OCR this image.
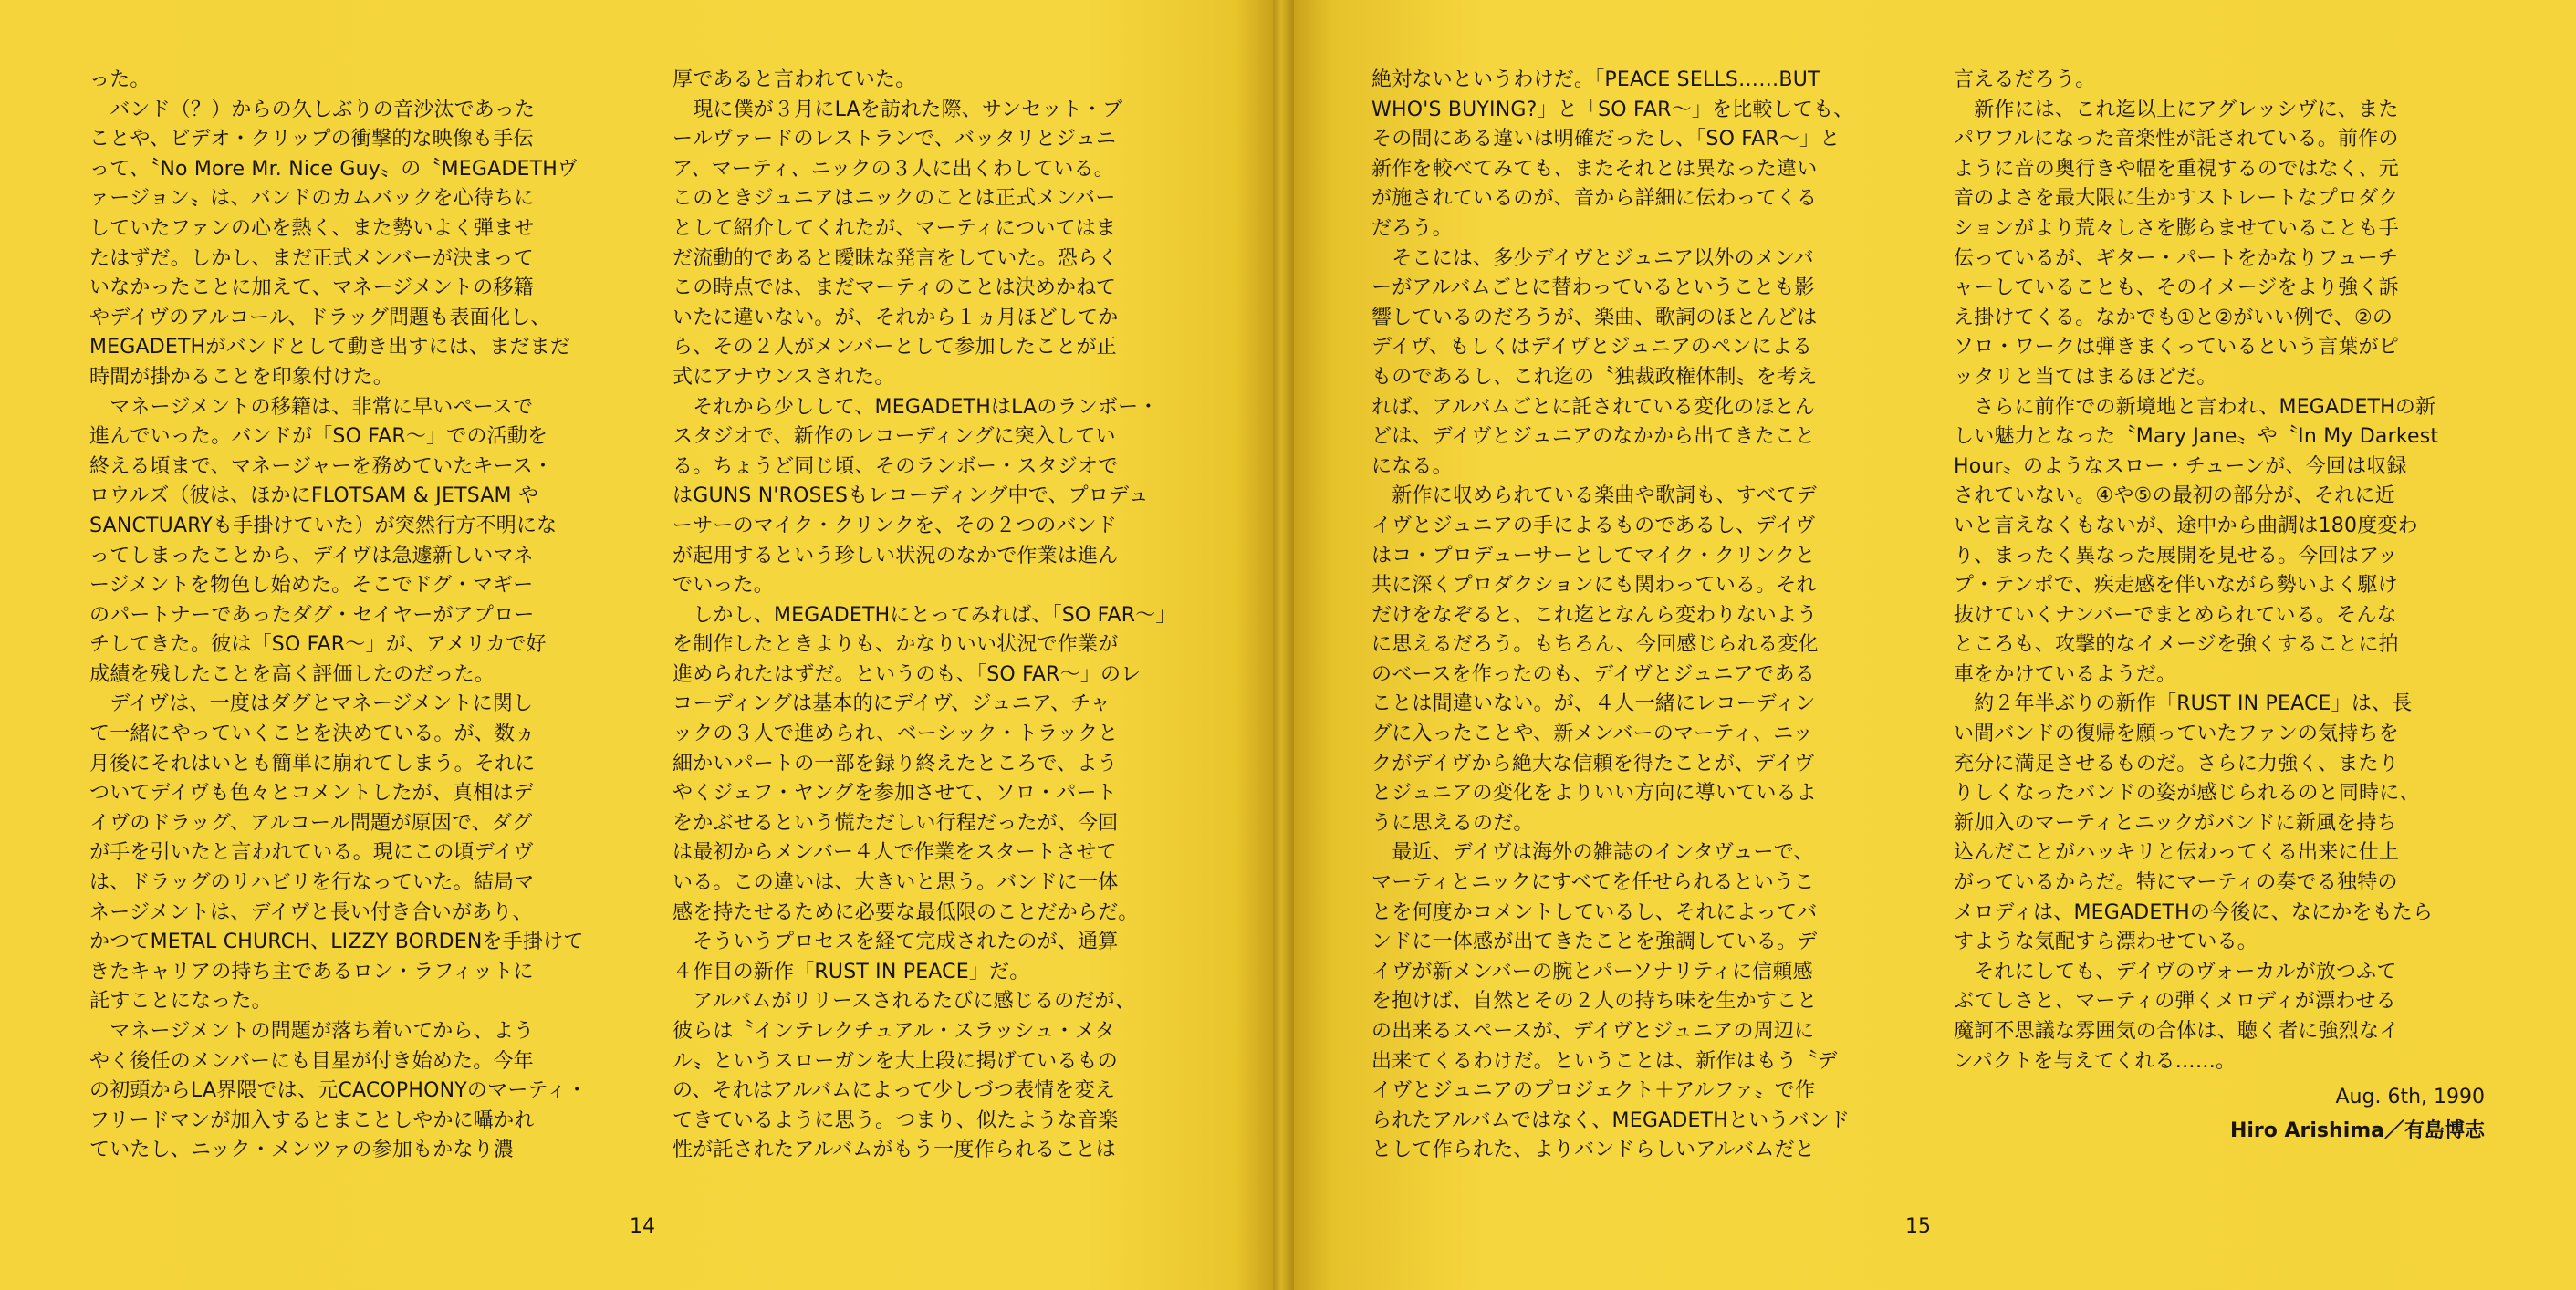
った。
　バンド（？）からの久しぶりの音沙汰であった
ことや、ビデオ・クリップの衝撃的な映像も手伝
って、〝No More Mr. Nice Guy〟の〝MEGADETHヴ
ァージョン〟は、バンドのカムバックを心待ちに
していたファンの心を熱く、また勢いよく弾ませ
たはずだ。しかし、まだ正式メンバーが決まって
いなかったことに加えて、マネージメントの移籍
やデイヴのアルコール、ドラッグ問題も表面化し、
MEGADETHがバンドとして動き出すには、まだまだ
時間が掛かることを印象付けた。
　マネージメントの移籍は、非常に早いペースで
進んでいった。バンドが「SO FAR～」での活動を
終える頃まで、マネージャーを務めていたキース・
ロウルズ（彼は、ほかにFLOTSAM & JETSAM や
SANCTUARYも手掛けていた）が突然行方不明にな
ってしまったことから、デイヴは急遽新しいマネ
ージメントを物色し始めた。そこでドグ・マギー
のパートナーであったダグ・セイヤーがアプロー
チしてきた。彼は「SO FAR～」が、アメリカで好
成績を残したことを高く評価したのだった。
　デイヴは、一度はダグとマネージメントに関し
て一緒にやっていくことを決めている。が、数ヵ
月後にそれはいとも簡単に崩れてしまう。それに
ついてデイヴも色々とコメントしたが、真相はデ
イヴのドラッグ、アルコール問題が原因で、ダグ
が手を引いたと言われている。現にこの頃デイヴ
は、ドラッグのリハビリを行なっていた。結局マ
ネージメントは、デイヴと長い付き合いがあり、
かつてMETAL CHURCH、LIZZY BORDENを手掛けて
きたキャリアの持ち主であるロン・ラフィットに
託すことになった。
　マネージメントの問題が落ち着いてから、よう
やく後任のメンバーにも目星が付き始めた。今年
の初頭からLA界隈では、元CACOPHONYのマーティ・
フリードマンが加入するとまことしやかに囁かれ
ていたし、ニック・メンツァの参加もかなり濃
厚であると言われていた。
　現に僕が３月にLAを訪れた際、サンセット・ブ
ールヴァードのレストランで、バッタリとジュニ
ア、マーティ、ニックの３人に出くわしている。
このときジュニアはニックのことは正式メンバー
として紹介してくれたが、マーティについてはま
だ流動的であると曖昧な発言をしていた。恐らく
この時点では、まだマーティのことは決めかねて
いたに違いない。が、それから１ヵ月ほどしてか
ら、その２人がメンバーとして参加したことが正
式にアナウンスされた。
　それから少しして、MEGADETHはLAのランボー・
スタジオで、新作のレコーディングに突入してい
る。ちょうど同じ頃、そのランボー・スタジオで
はGUNS N'ROSESもレコーディング中で、プロデュ
ーサーのマイク・クリンクを、その２つのバンド
が起用するという珍しい状況のなかで作業は進ん
でいった。
　しかし、MEGADETHにとってみれば、「SO FAR～」
を制作したときよりも、かなりいい状況で作業が
進められたはずだ。というのも、「SO FAR～」のレ
コーディングは基本的にデイヴ、ジュニア、チャ
ックの３人で進められ、ベーシック・トラックと
細かいパートの一部を録り終えたところで、よう
やくジェフ・ヤングを参加させて、ソロ・パート
をかぶせるという慌ただしい行程だったが、今回
は最初からメンバー４人で作業をスタートさせて
いる。この違いは、大きいと思う。バンドに一体
感を持たせるために必要な最低限のことだからだ。
　そういうプロセスを経て完成されたのが、通算
４作目の新作「RUST IN PEACE」だ。
　アルバムがリリースされるたびに感じるのだが、
彼らは〝インテレクチュアル・スラッシュ・メタ
ル〟というスローガンを大上段に掲げているもの
の、それはアルバムによって少しづつ表情を変え
てきているように思う。つまり、似たような音楽
性が託されたアルバムがもう一度作られることは
14
絶対ないというわけだ。「PEACE SELLS……BUT
WHO'S BUYING?」と「SO FAR～」を比較しても、
その間にある違いは明確だったし、「SO FAR～」と
新作を較べてみても、またそれとは異なった違い
が施されているのが、音から詳細に伝わってくる
だろう。
　そこには、多少デイヴとジュニア以外のメンバ
ーがアルバムごとに替わっているということも影
響しているのだろうが、楽曲、歌詞のほとんどは
デイヴ、もしくはデイヴとジュニアのペンによる
ものであるし、これ迄の〝独裁政権体制〟を考え
れば、アルバムごとに託されている変化のほとん
どは、デイヴとジュニアのなかから出てきたこと
になる。
　新作に収められている楽曲や歌詞も、すべてデ
イヴとジュニアの手によるものであるし、デイヴ
はコ・プロデューサーとしてマイク・クリンクと
共に深くプロダクションにも関わっている。それ
だけをなぞると、これ迄となんら変わりないよう
に思えるだろう。もちろん、今回感じられる変化
のベースを作ったのも、デイヴとジュニアである
ことは間違いない。が、４人一緒にレコーディン
グに入ったことや、新メンバーのマーティ、ニッ
クがデイヴから絶大な信頼を得たことが、デイヴ
とジュニアの変化をよりいい方向に導いているよ
うに思えるのだ。
　最近、デイヴは海外の雑誌のインタヴューで、
マーティとニックにすべてを任せられるというこ
とを何度かコメントしているし、それによってバ
ンドに一体感が出てきたことを強調している。デ
イヴが新メンバーの腕とパーソナリティに信頼感
を抱けば、自然とその２人の持ち味を生かすこと
の出来るスペースが、デイヴとジュニアの周辺に
出来てくるわけだ。ということは、新作はもう〝デ
イヴとジュニアのプロジェクト＋アルファ〟で作
られたアルバムではなく、MEGADETHというバンド
として作られた、よりバンドらしいアルバムだと
言えるだろう。
　新作には、これ迄以上にアグレッシヴに、また
パワフルになった音楽性が託されている。前作の
ように音の奥行きや幅を重視するのではなく、元
音のよさを最大限に生かすストレートなプロダク
ションがより荒々しさを膨らませていることも手
伝っているが、ギター・パートをかなりフューチ
ャーしていることも、そのイメージをより強く訴
え掛けてくる。なかでも①と②がいい例で、②の
ソロ・ワークは弾きまくっているという言葉がピ
ッタリと当てはまるほどだ。
　さらに前作での新境地と言われ、MEGADETHの新
しい魅力となった〝Mary Jane〟や〝In My Darkest
Hour〟のようなスロー・チューンが、今回は収録
されていない。④や⑤の最初の部分が、それに近
いと言えなくもないが、途中から曲調は180度変わ
り、まったく異なった展開を見せる。今回はアッ
プ・テンポで、疾走感を伴いながら勢いよく駆け
抜けていくナンバーでまとめられている。そんな
ところも、攻撃的なイメージを強くすることに拍
車をかけているようだ。
　約２年半ぶりの新作「RUST IN PEACE」は、長
い間バンドの復帰を願っていたファンの気持ちを
充分に満足させるものだ。さらに力強く、またり
りしくなったバンドの姿が感じられるのと同時に、
新加入のマーティとニックがバンドに新風を持ち
込んだことがハッキリと伝わってくる出来に仕上
がっているからだ。特にマーティの奏でる独特の
メロディは、MEGADETHの今後に、なにかをもたら
すような気配すら漂わせている。
　それにしても、デイヴのヴォーカルが放つふて
ぶてしさと、マーティの弾くメロディが漂わせる
魔訶不思議な雰囲気の合体は、聴く者に強烈なイ
ンパクトを与えてくれる……。
Aug. 6th, 1990
Hiro Arishima／有島博志
15
